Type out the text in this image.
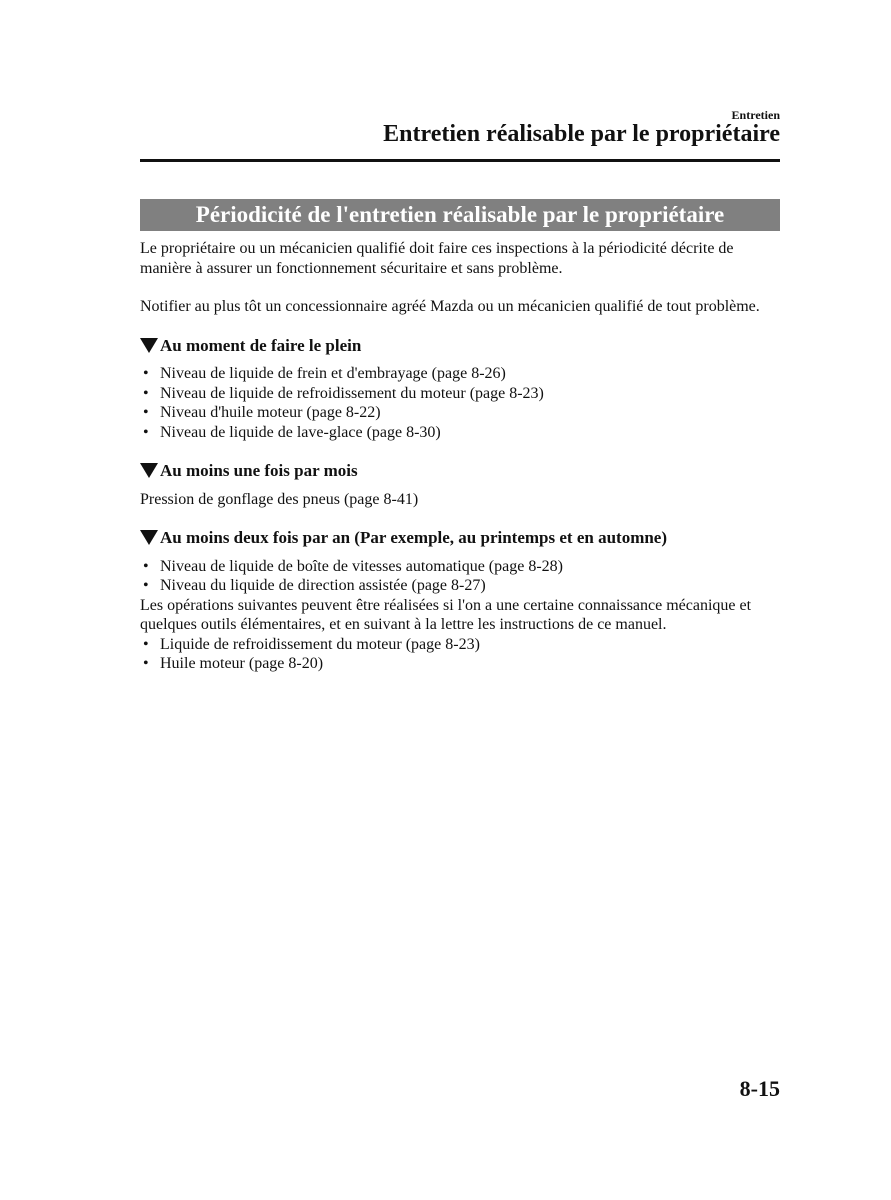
Entretien
Entretien réalisable par le propriétaire
Périodicité de l'entretien réalisable par le propriétaire

Le propriétaire ou un mécanicien qualifié doit faire ces inspections à la périodicité décrite de manière à assurer un fonctionnement sécuritaire et sans problème.

Notifier au plus tôt un concessionnaire agréé Mazda ou un mécanicien qualifié de tout problème.

Au moment de faire le plein
• Niveau de liquide de frein et d'embrayage (page 8-26)
• Niveau de liquide de refroidissement du moteur (page 8-23)
• Niveau d'huile moteur (page 8-22)
• Niveau de liquide de lave-glace (page 8-30)
Au moins une fois par mois

Pression de gonflage des pneus (page 8-41)

Au moins deux fois par an (Par exemple, au printemps et en automne)
• Niveau de liquide de boîte de vitesses automatique (page 8-28)
• Niveau du liquide de direction assistée (page 8-27)

Les opérations suivantes peuvent être réalisées si l'on a une certaine connaissance mécanique et quelques outils élémentaires, et en suivant à la lettre les instructions de ce manuel.

• Liquide de refroidissement du moteur (page 8-23)
• Huile moteur (page 8-20)
8-15
